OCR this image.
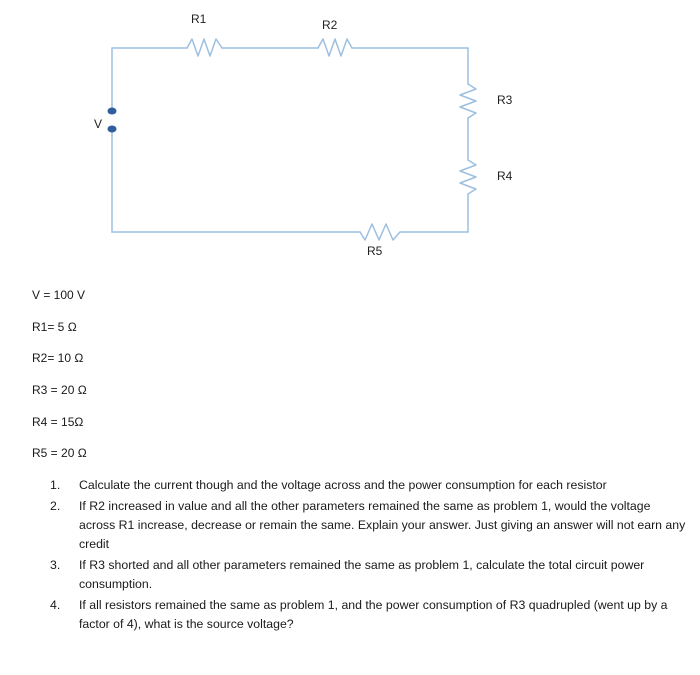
R1	R2
R3
R4
R5
V
V = 100 V
R1= 5 Ω
R2= 10 Ω
R3 = 20 Ω
R4 = 15Ω
R5 = 20 Ω
1. Calculate the current though and the voltage across and the power consumption for each resistor
2. If R2 increased in value and all the other parameters remained the same as problem 1, would the voltage across R1 increase, decrease or remain the same. Explain your answer. Just giving an answer will not earn any credit
3. If R3 shorted and all other parameters remained the same as problem 1, calculate the total circuit power consumption.
4. If all resistors remained the same as problem 1, and the power consumption of R3 quadrupled (went up by a factor of 4), what is the source voltage?
